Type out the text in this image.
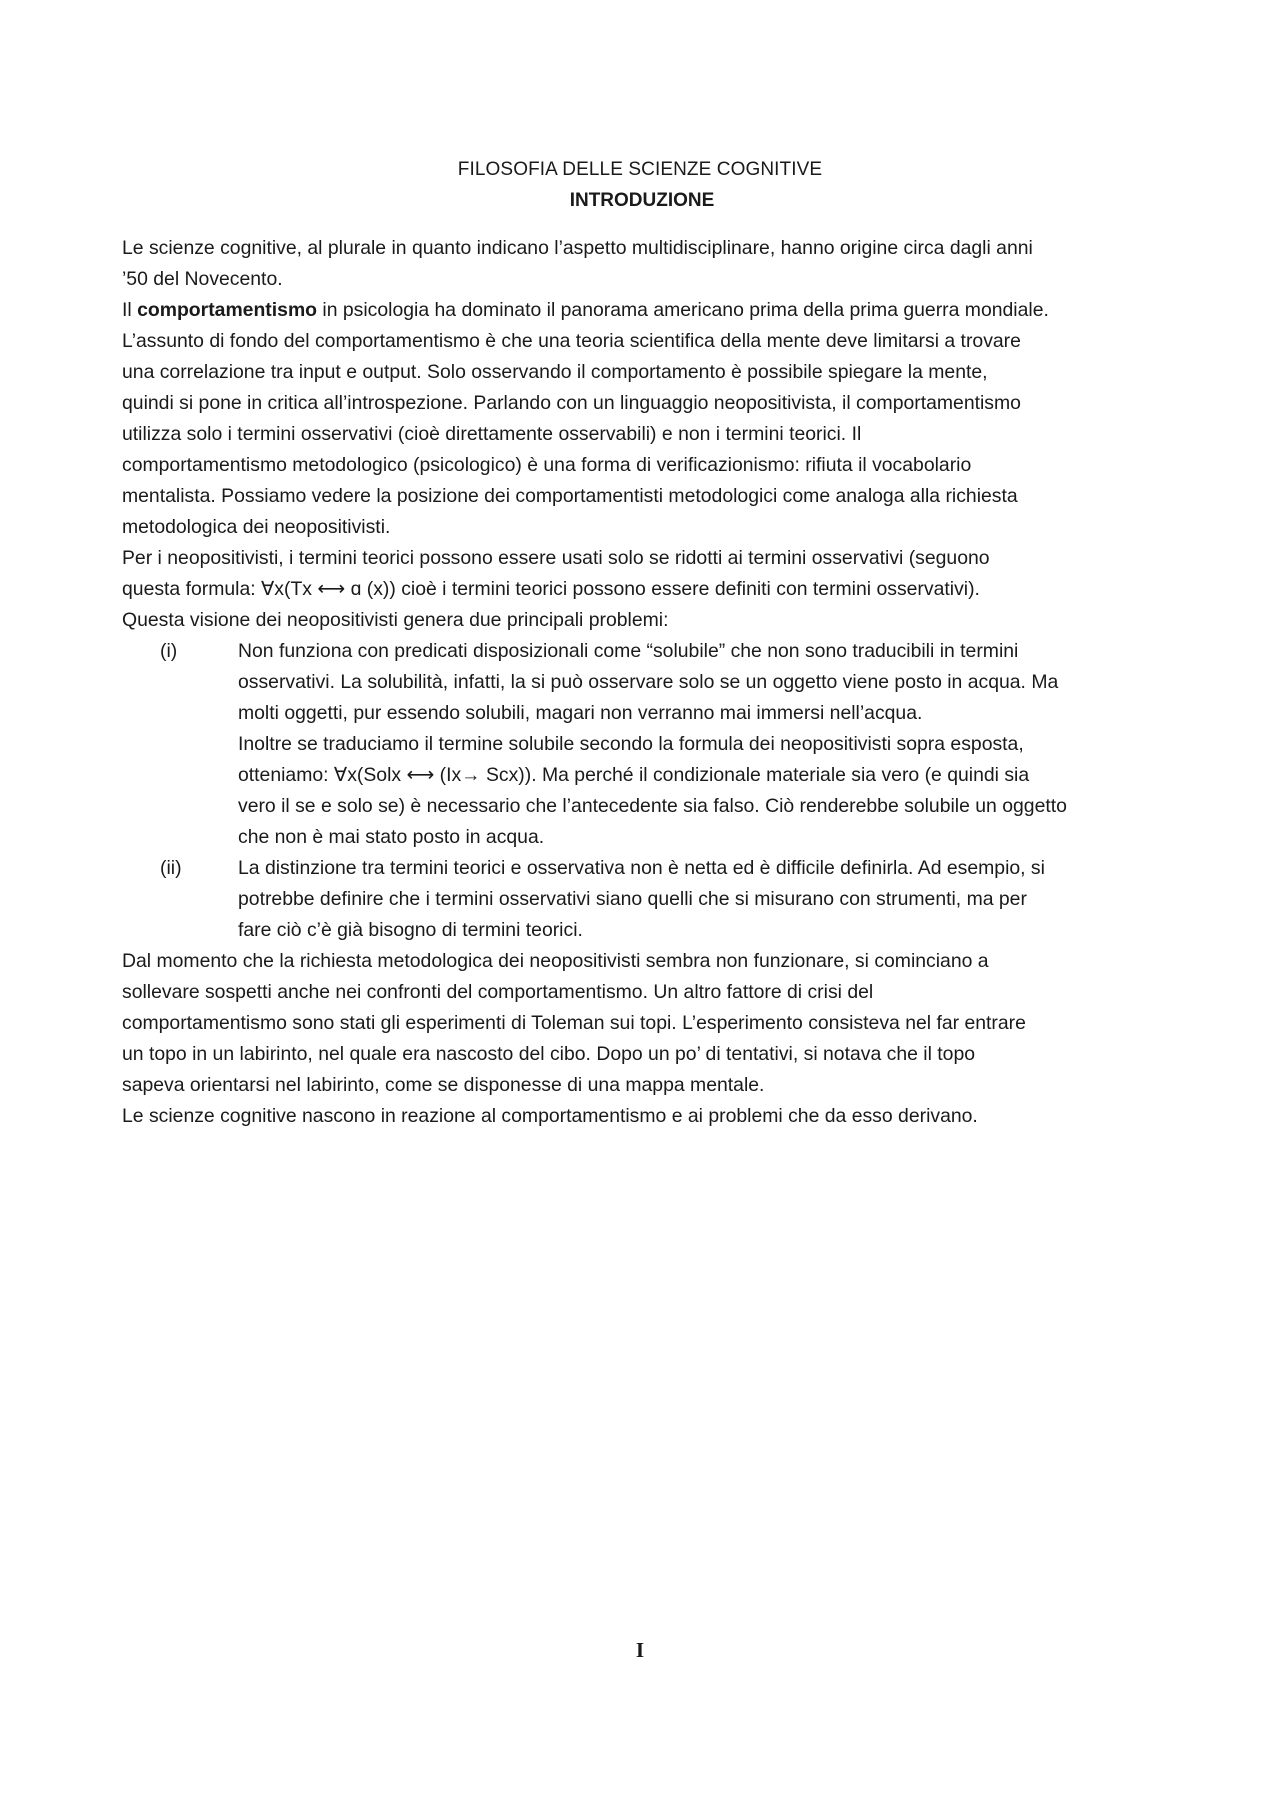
FILOSOFIA DELLE SCIENZE COGNITIVE
INTRODUZIONE
Le scienze cognitive, al plurale in quanto indicano l’aspetto multidisciplinare, hanno origine circa dagli anni
’50 del Novecento.
Il comportamentismo in psicologia ha dominato il panorama americano prima della prima guerra mondiale.
L’assunto di fondo del comportamentismo è che una teoria scientifica della mente deve limitarsi a trovare
una correlazione tra input e output. Solo osservando il comportamento è possibile spiegare la mente,
quindi si pone in critica all’introspezione. Parlando con un linguaggio neopositivista, il comportamentismo
utilizza solo i termini osservativi (cioè direttamente osservabili) e non i termini teorici. Il
comportamentismo metodologico (psicologico) è una forma di verificazionismo: rifiuta il vocabolario
mentalista. Possiamo vedere la posizione dei comportamentisti metodologici come analoga alla richiesta
metodologica dei neopositivisti.
Per i neopositivisti, i termini teorici possono essere usati solo se ridotti ai termini osservativi (seguono
questa formula: ∀x(Tx ⟷ ɑ (x)) cioè i termini teorici possono essere definiti con termini osservativi).
Questa visione dei neopositivisti genera due principali problemi:
(i)	Non funziona con predicati disposizionali come “solubile” che non sono traducibili in termini
osservativi. La solubilità, infatti, la si può osservare solo se un oggetto viene posto in acqua. Ma
molti oggetti, pur essendo solubili, magari non verranno mai immersi nell’acqua.
Inoltre se traduciamo il termine solubile secondo la formula dei neopositivisti sopra esposta,
otteniamo: ∀x(Solx ⟷ (Ix→ Scx)). Ma perché il condizionale materiale sia vero (e quindi sia
vero il se e solo se) è necessario che l’antecedente sia falso. Ciò renderebbe solubile un oggetto
che non è mai stato posto in acqua.
(ii)	La distinzione tra termini teorici e osservativa non è netta ed è difficile definirla. Ad esempio, si
potrebbe definire che i termini osservativi siano quelli che si misurano con strumenti, ma per
fare ciò c’è già bisogno di termini teorici.
Dal momento che la richiesta metodologica dei neopositivisti sembra non funzionare, si cominciano a
sollevare sospetti anche nei confronti del comportamentismo. Un altro fattore di crisi del
comportamentismo sono stati gli esperimenti di Toleman sui topi. L’esperimento consisteva nel far entrare
un topo in un labirinto, nel quale era nascosto del cibo. Dopo un po’ di tentativi, si notava che il topo
sapeva orientarsi nel labirinto, come se disponesse di una mappa mentale.
Le scienze cognitive nascono in reazione al comportamentismo e ai problemi che da esso derivano.
I
